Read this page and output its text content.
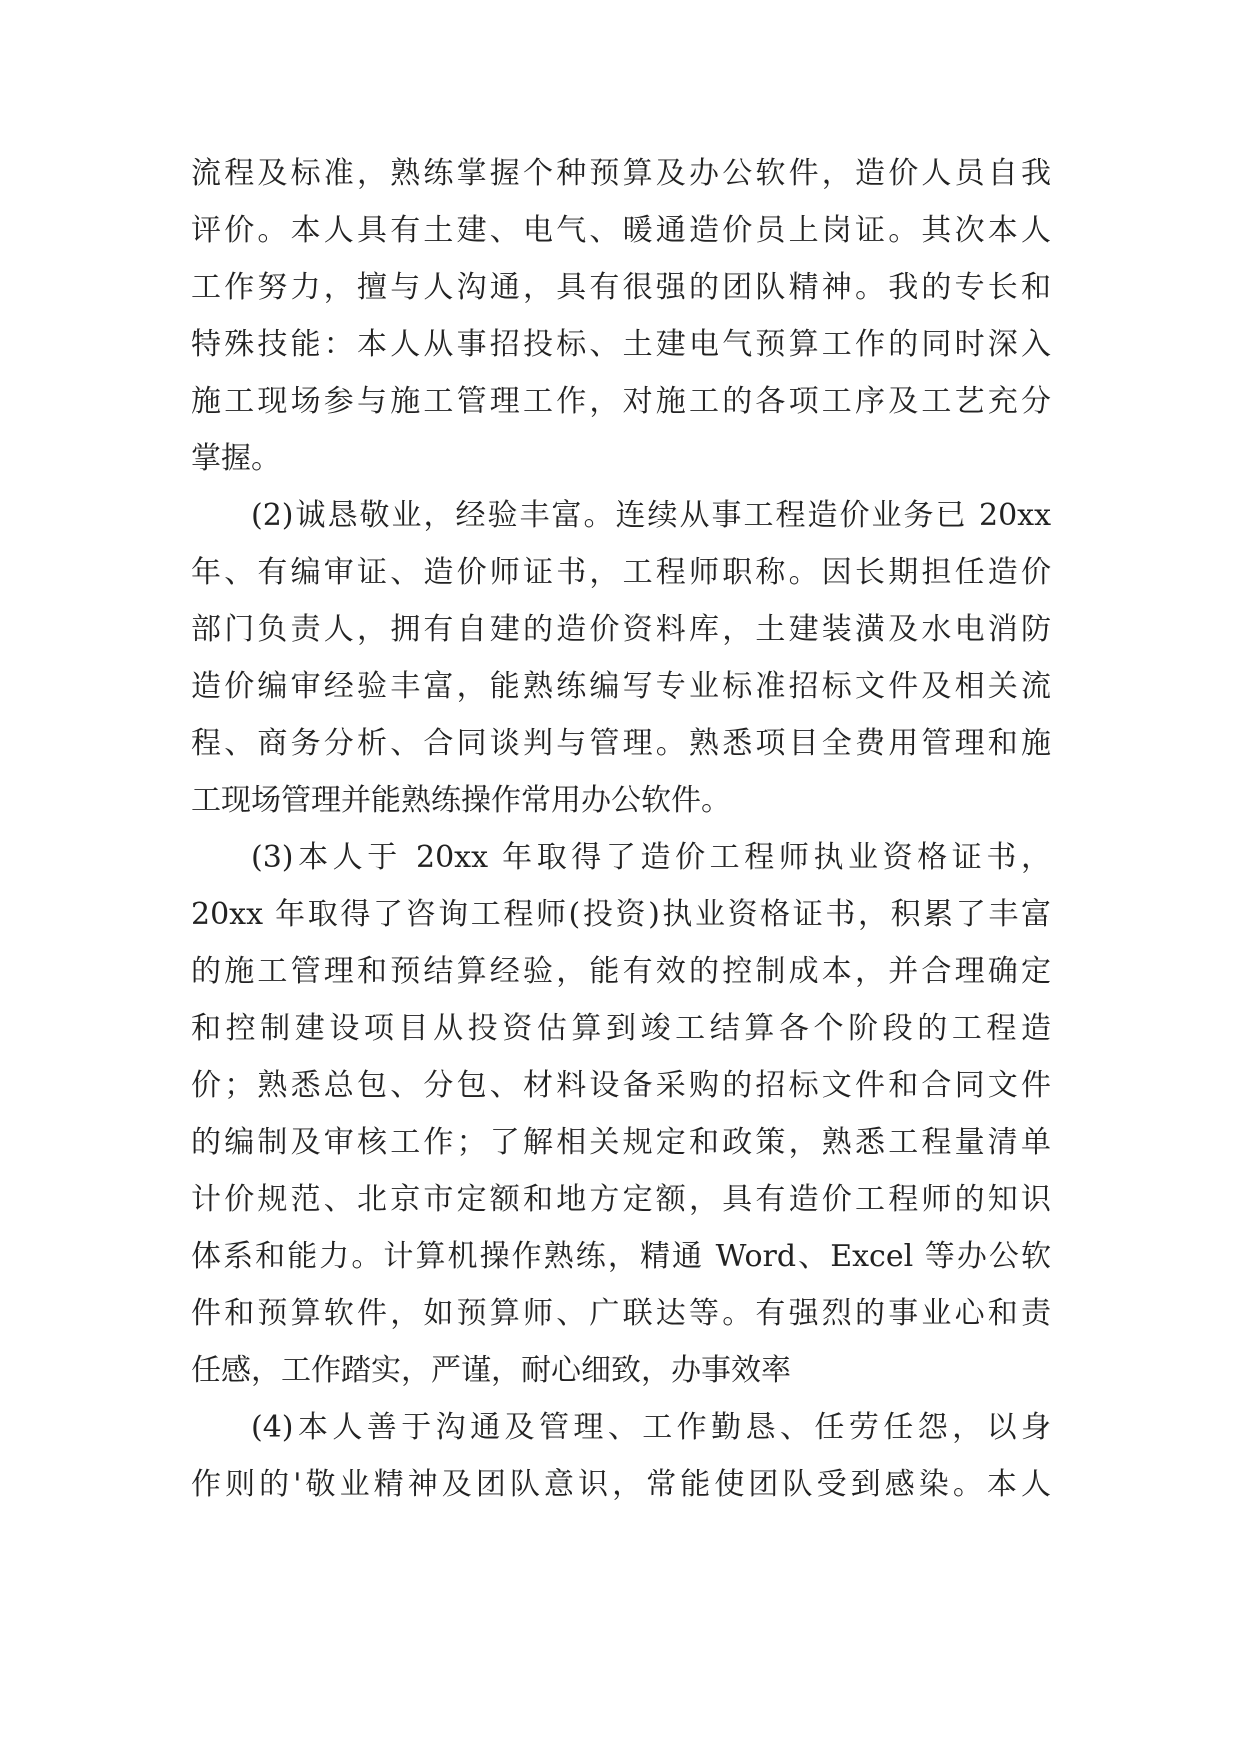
流程及标准，熟练掌握个种预算及办公软件，造价人员自我
评价。本人具有土建、电气、暖通造价员上岗证。其次本人
工作努力，擅与人沟通，具有很强的团队精神。我的专长和
特殊技能：本人从事招投标、土建电气预算工作的同时深入
施工现场参与施工管理工作，对施工的各项工序及工艺充分
掌握。
(2)诚恳敬业，经验丰富。连续从事工程造价业务已 20xx
年、有编审证、造价师证书，工程师职称。因长期担任造价
部门负责人，拥有自建的造价资料库，土建装潢及水电消防
造价编审经验丰富，能熟练编写专业标准招标文件及相关流
程、商务分析、合同谈判与管理。熟悉项目全费用管理和施
工现场管理并能熟练操作常用办公软件。
(3)本人于 20xx 年取得了造价工程师执业资格证书，
20xx 年取得了咨询工程师(投资)执业资格证书，积累了丰富
的施工管理和预结算经验，能有效的控制成本，并合理确定
和控制建设项目从投资估算到竣工结算各个阶段的工程造
价；熟悉总包、分包、材料设备采购的招标文件和合同文件
的编制及审核工作；了解相关规定和政策，熟悉工程量清单
计价规范、北京市定额和地方定额，具有造价工程师的知识
体系和能力。计算机操作熟练，精通 Word、Excel 等办公软
件和预算软件，如预算师、广联达等。有强烈的事业心和责
任感，工作踏实，严谨，耐心细致，办事效率
(4)本人善于沟通及管理、工作勤恳、任劳任怨，以身
作则的'敬业精神及团队意识，常能使团队受到感染。本人
